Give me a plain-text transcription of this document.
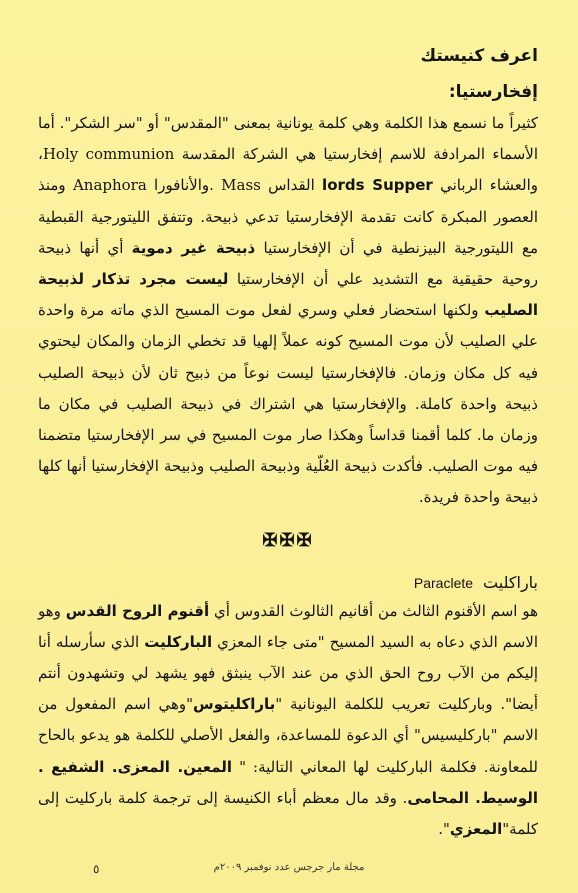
اعرف كنيستك
إفخارستيا:

كثيراً ما نسمع هذا الكلمة وهي كلمة يونانية بمعنى "المقدس" أو "سر الشكر". أما الأسماء المرادفة للاسم إفخارستيا هي الشركة المقدسة Holy communion، والعشاء الرباني lords Supper القداس Mass .والأنافورا Anaphora ومنذ العصور المبكرة كانت تقدمة الإفخارستيا تدعي ذبيحة. وتتفق الليتورجية القبطية مع الليتورجية البيزنطية في أن الإفخارستيا ذبيحة غير دموية أي أنها ذبيحة روحية حقيقية مع التشديد علي أن الإفخارستيا ليست مجرد تذكار لذبيحة الصليب ولكنها استحضار فعلي وسري لفعل موت المسيح الذي ماته مرة واحدة علي الصليب لأن موت المسيح كونه عملاً إلهيا قد تخطي الزمان والمكان ليحتوي فيه كل مكان وزمان. فالإفخارستيا ليست نوعاً من ذبيح ثان لأن ذبيحة الصليب ذبيحة واحدة كاملة. والإفخارستيا هي اشتراك في ذبيحة الصليب في مكان ما وزمان ما. كلما أقمنا قداساً وهكذا صار موت المسيح في سر الإفخارستيا متضمنا فيه موت الصليب. فأكدت ذبيحة العُلّية وذبيحة الصليب وذبيحة الإفخارستيا أنها كلها ذبيحة واحدة فريدة.

✠✠✠
باراكليت
Paraclete

هو اسم الأقنوم الثالث من أقانيم الثالوث القدوس أي أقنوم الروح القدس وهو الاسم الذي دعاه به السيد المسيح "متى جاء المعزي الباركليت الذي سأرسله أنا إليكم من الآب روح الحق الذي من عند الآب ينبثق فهو يشهد لي وتشهدون أنتم أيضا". وباركليت تعريب للكلمة اليونانية "باراكليتوس"وهي اسم المفعول من الاسم "باركليسيس" أي الدعوة للمساعدة، والفعل الأصلي للكلمة هو يدعو بالحاح للمعاونة. فكلمة الباركليت لها المعاني التالية: " المعين. المعزى. الشفيع . الوسيط. المحامى. وقد مال معظم أباء الكنيسة إلى ترجمة كلمة باركليت إلى كلمة"المعزي".

٥	مجلة مار جرجس عدد نوفمبر ٢٠٠٩م
